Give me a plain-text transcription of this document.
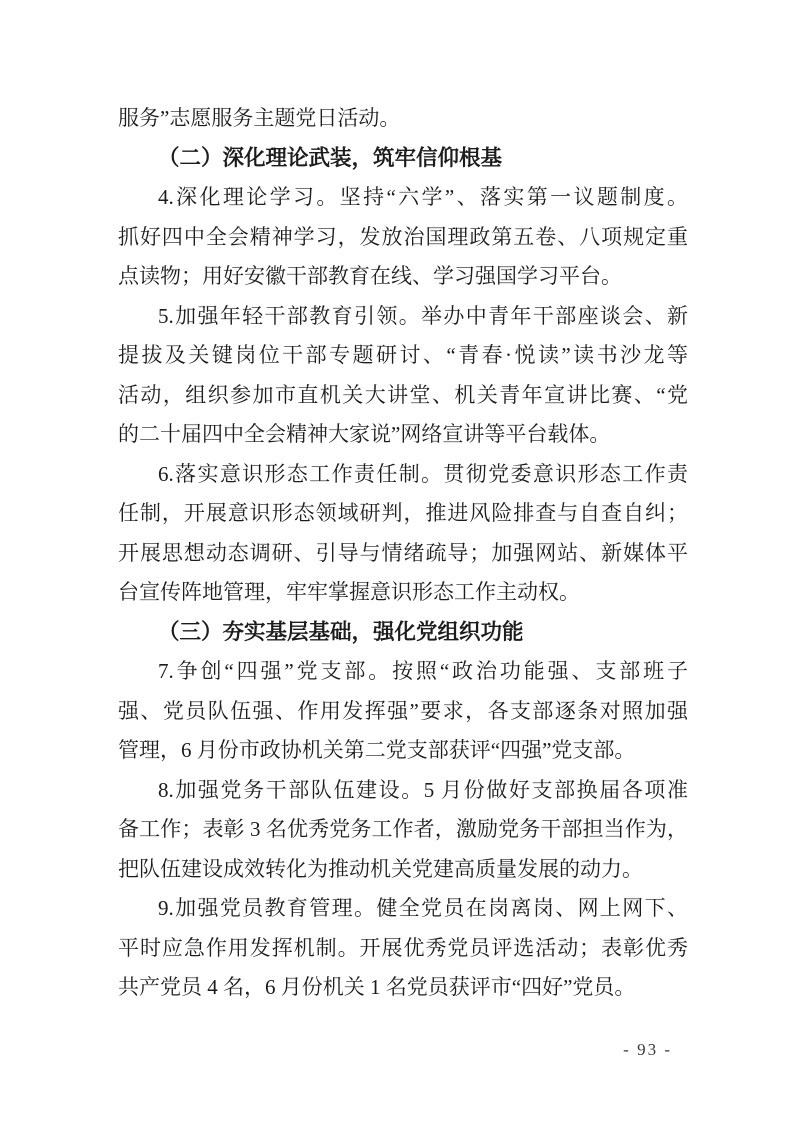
服务”志愿服务主题党日活动。
（二）深化理论武装，筑牢信仰根基
4.深化理论学习。坚持“六学”、落实第一议题制度。
抓好四中全会精神学习，发放治国理政第五卷、八项规定重
点读物；用好安徽干部教育在线、学习强国学习平台。
5.加强年轻干部教育引领。举办中青年干部座谈会、新
提拔及关键岗位干部专题研讨、“青春·悦读”读书沙龙等
活动，组织参加市直机关大讲堂、机关青年宣讲比赛、“党
的二十届四中全会精神大家说”网络宣讲等平台载体。
6.落实意识形态工作责任制。贯彻党委意识形态工作责
任制，开展意识形态领域研判，推进风险排查与自查自纠；
开展思想动态调研、引导与情绪疏导；加强网站、新媒体平
台宣传阵地管理，牢牢掌握意识形态工作主动权。
（三）夯实基层基础，强化党组织功能
7.争创“四强”党支部。按照“政治功能强、支部班子
强、党员队伍强、作用发挥强”要求，各支部逐条对照加强
管理，6 月份市政协机关第二党支部获评“四强”党支部。
8.加强党务干部队伍建设。5 月份做好支部换届各项准
备工作；表彰 3 名优秀党务工作者，激励党务干部担当作为，
把队伍建设成效转化为推动机关党建高质量发展的动力。
9.加强党员教育管理。健全党员在岗离岗、网上网下、
平时应急作用发挥机制。开展优秀党员评选活动；表彰优秀
共产党员 4 名，6 月份机关 1 名党员获评市“四好”党员。
- 93 -
